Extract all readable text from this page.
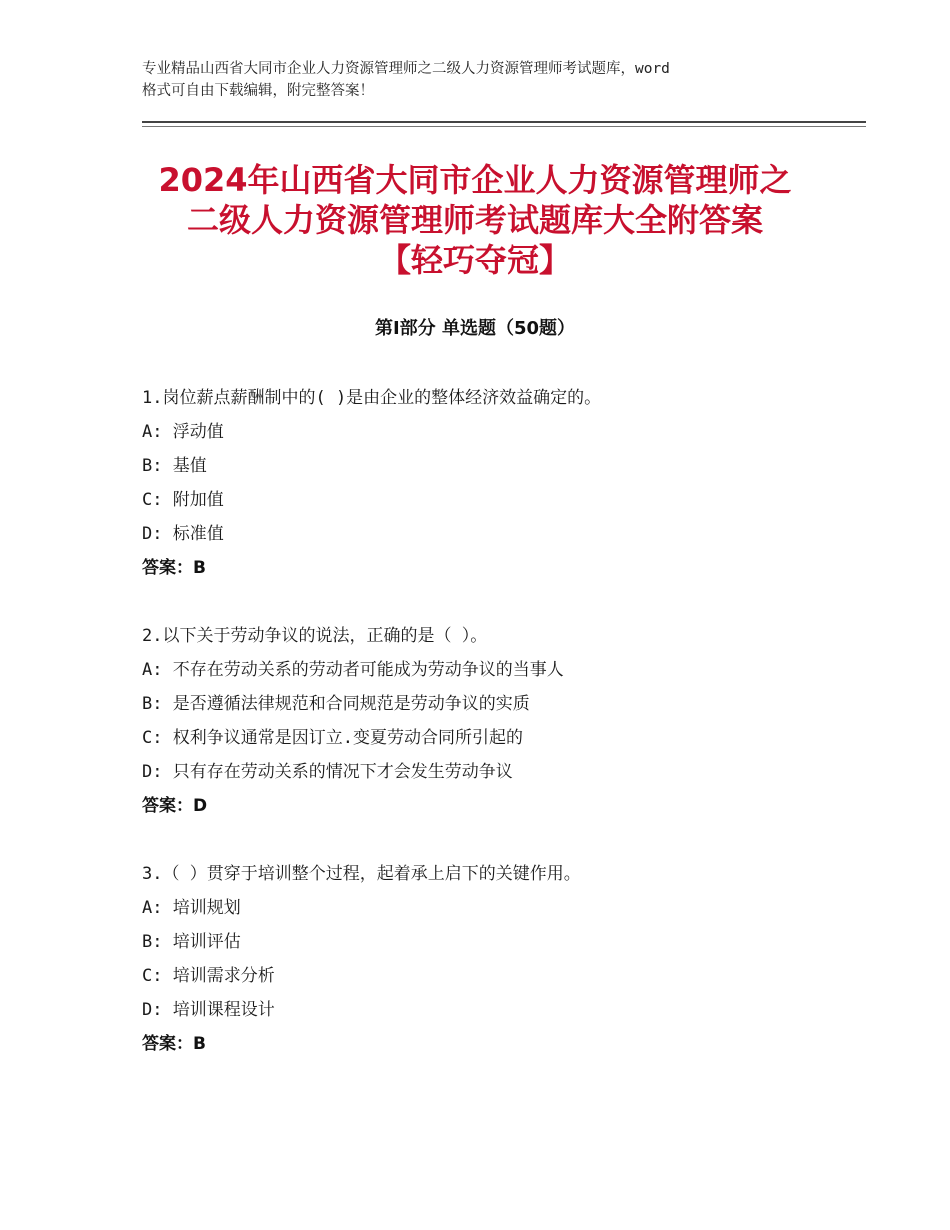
专业精品山西省大同市企业人力资源管理师之二级人力资源管理师考试题库，word
格式可自由下载编辑，附完整答案！
2024年山西省大同市企业人力资源管理师之
二级人力资源管理师考试题库大全附答案
【轻巧夺冠】
第Ⅰ部分 单选题（50题）
1.岗位薪点薪酬制中的( )是由企业的整体经济效益确定的。
A: 浮动值
B: 基值
C: 附加值
D: 标准值
答案：B
2.以下关于劳动争议的说法，正确的是（ ）。
A: 不存在劳动关系的劳动者可能成为劳动争议的当事人
B: 是否遵循法律规范和合同规范是劳动争议的实质
C: 权利争议通常是因订立.变夏劳动合同所引起的
D: 只有存在劳动关系的情况下才会发生劳动争议
答案：D
3.（ ）贯穿于培训整个过程，起着承上启下的关键作用。
A: 培训规划
B: 培训评估
C: 培训需求分析
D: 培训课程设计
答案：B
